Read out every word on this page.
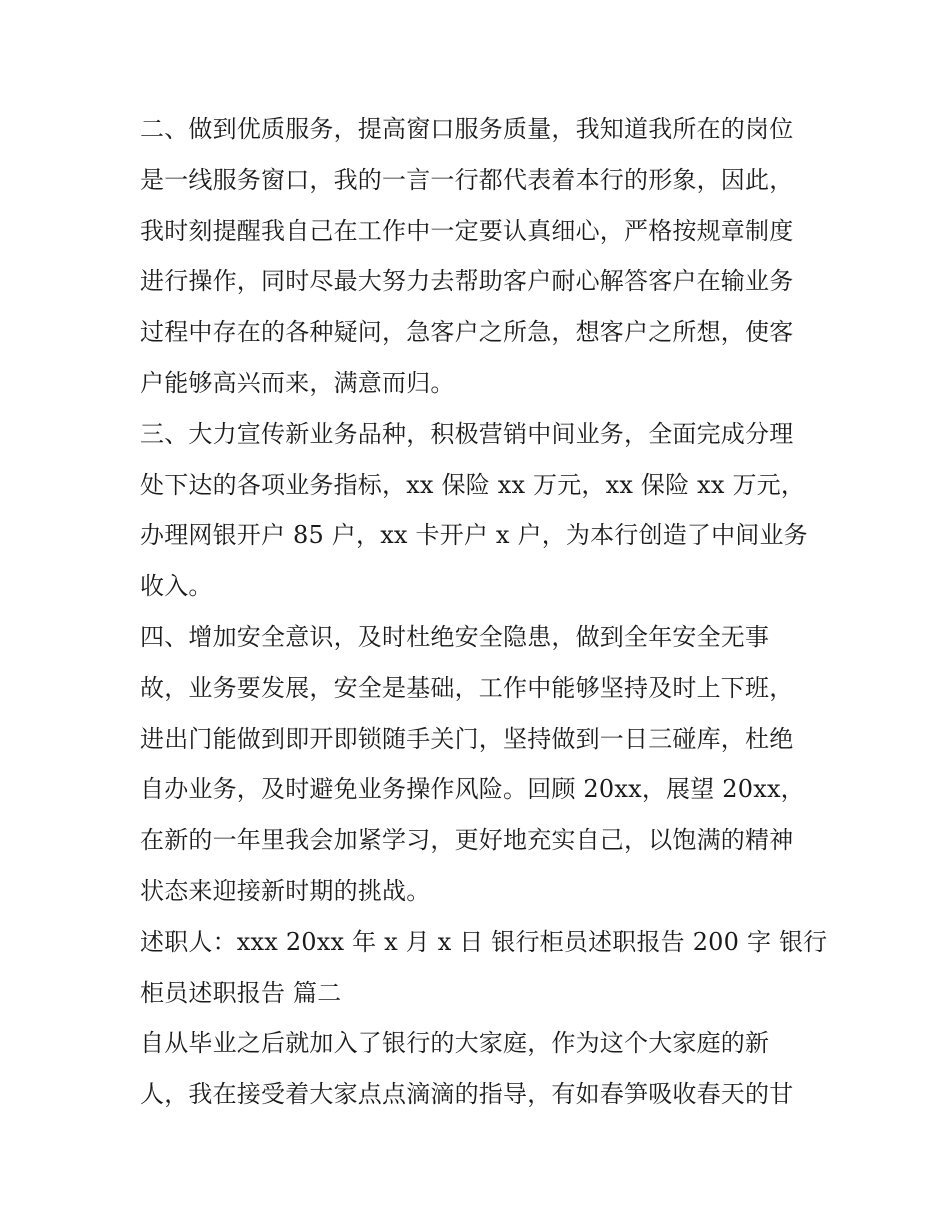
二、做到优质服务，提高窗口服务质量，我知道我所在的岗位
是一线服务窗口，我的一言一行都代表着本行的形象，因此，
我时刻提醒我自己在工作中一定要认真细心，严格按规章制度
进行操作，同时尽最大努力去帮助客户耐心解答客户在输业务
过程中存在的各种疑问，急客户之所急，想客户之所想，使客
户能够高兴而来，满意而归。
三、大力宣传新业务品种，积极营销中间业务，全面完成分理
处下达的各项业务指标，xx 保险 xx 万元，xx 保险 xx 万元，
办理网银开户 85 户，xx 卡开户 x 户，为本行创造了中间业务
收入。
四、增加安全意识，及时杜绝安全隐患，做到全年安全无事
故，业务要发展，安全是基础，工作中能够坚持及时上下班，
进出门能做到即开即锁随手关门，坚持做到一日三碰库，杜绝
自办业务，及时避免业务操作风险。回顾 20xx，展望 20xx，
在新的一年里我会加紧学习，更好地充实自己，以饱满的精神
状态来迎接新时期的挑战。
述职人：xxx 20xx 年 x 月 x 日 银行柜员述职报告 200 字 银行
柜员述职报告 篇二
自从毕业之后就加入了银行的大家庭，作为这个大家庭的新
人，我在接受着大家点点滴滴的指导，有如春笋吸收春天的甘
